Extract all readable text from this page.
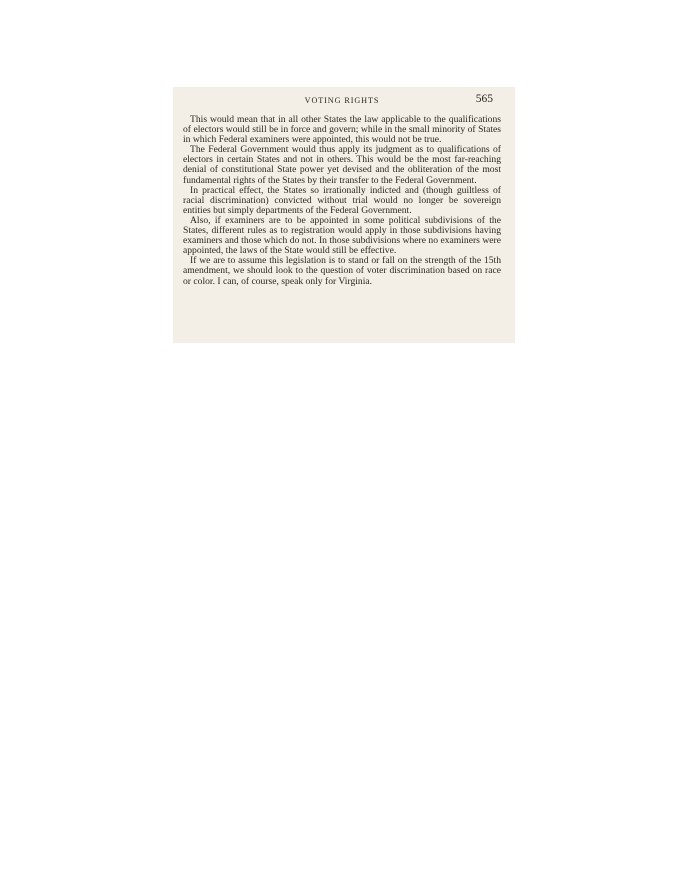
VOTING RIGHTS	565

This would mean that in all other States the law applicable to the qualifications of electors would still be in force and govern; while in the small minority of States in which Federal examiners were appointed, this would not be true.

The Federal Government would thus apply its judgment as to qualifications of electors in certain States and not in others. This would be the most far-reaching denial of constitutional State power yet devised and the obliteration of the most fundamental rights of the States by their transfer to the Federal Government.

In practical effect, the States so irrationally indicted and (though guiltless of racial discrimination) convicted without trial would no longer be sovereign entities but simply departments of the Federal Government.

Also, if examiners are to be appointed in some political subdivisions of the States, different rules as to registration would apply in those subdivisions having examiners and those which do not. In those subdivisions where no examiners were appointed, the laws of the State would still be effective.

If we are to assume this legislation is to stand or fall on the strength of the 15th amendment, we should look to the question of voter discrimination based on race or color. I can, of course, speak only for Virginia.
